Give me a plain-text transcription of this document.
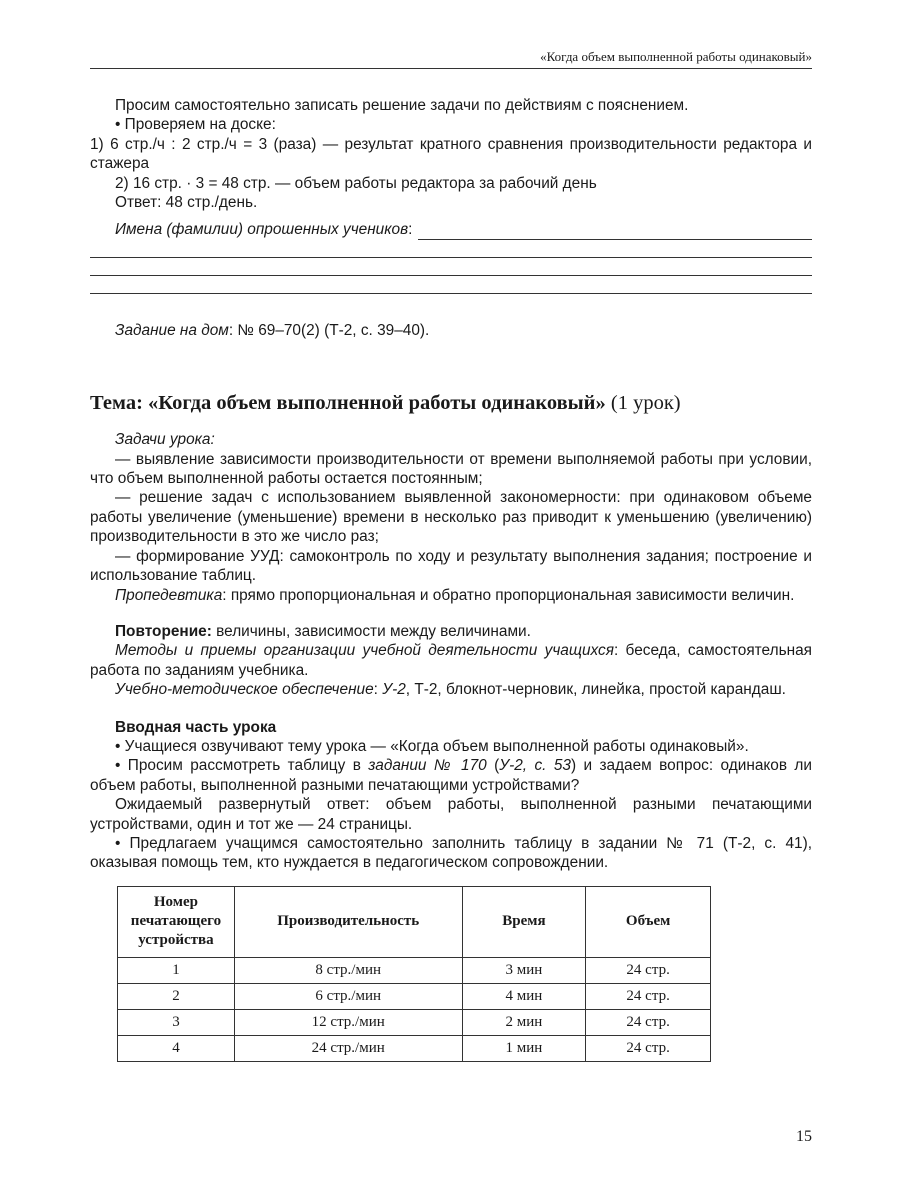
«Когда объем выполненной работы одинаковый»

Просим самостоятельно записать решение задачи по действиям с пояснением.

• Проверяем на доске:

1) 6 стр./ч : 2 стр./ч = 3 (раза) — результат кратного сравнения производительности редактора и стажера

2) 16 стр. · 3 = 48 стр. — объем работы редактора за рабочий день

Ответ: 48 стр./день.

Имена (фамилии) опрошенных учеников:

Задание на дом: № 69–70(2) (Т-2, с. 39–40).

Тема: «Когда объем выполненной работы одинаковый» (1 урок)

Задачи урока:

— выявление зависимости производительности от времени выполняемой работы при условии, что объем выполненной работы остается постоянным;

— решение задач с использованием выявленной закономерности: при одинаковом объеме работы увеличение (уменьшение) времени в несколько раз приводит к уменьшению (увеличению) производительности в это же число раз;

— формирование УУД: самоконтроль по ходу и результату выполнения задания; построение и использование таблиц.

Пропедевтика: прямо пропорциональная и обратно пропорциональная зависимости величин.

Повторение: величины, зависимости между величинами.

Методы и приемы организации учебной деятельности учащихся: беседа, самостоятельная работа по заданиям учебника.

Учебно-методическое обеспечение: У-2, Т-2, блокнот-черновик, линейка, простой карандаш.

Вводная часть урока

• Учащиеся озвучивают тему урока — «Когда объем выполненной работы одинаковый».

• Просим рассмотреть таблицу в задании № 170 (У-2, с. 53) и задаем вопрос: одинаков ли объем работы, выполненной разными печатающими устройствами?

Ожидаемый развернутый ответ: объем работы, выполненной разными печатающими устройствами, один и тот же — 24 страницы.

• Предлагаем учащимся самостоятельно заполнить таблицу в задании № 71 (Т-2, с. 41), оказывая помощь тем, кто нуждается в педагогическом сопровождении.

Номер
печатающего
устройства	Производительность	Время	Объем
1	8 стр./мин	3 мин	24 стр.
2	6 стр./мин	4 мин	24 стр.
3	12 стр./мин	2 мин	24 стр.
4	24 стр./мин	1 мин	24 стр.
15
